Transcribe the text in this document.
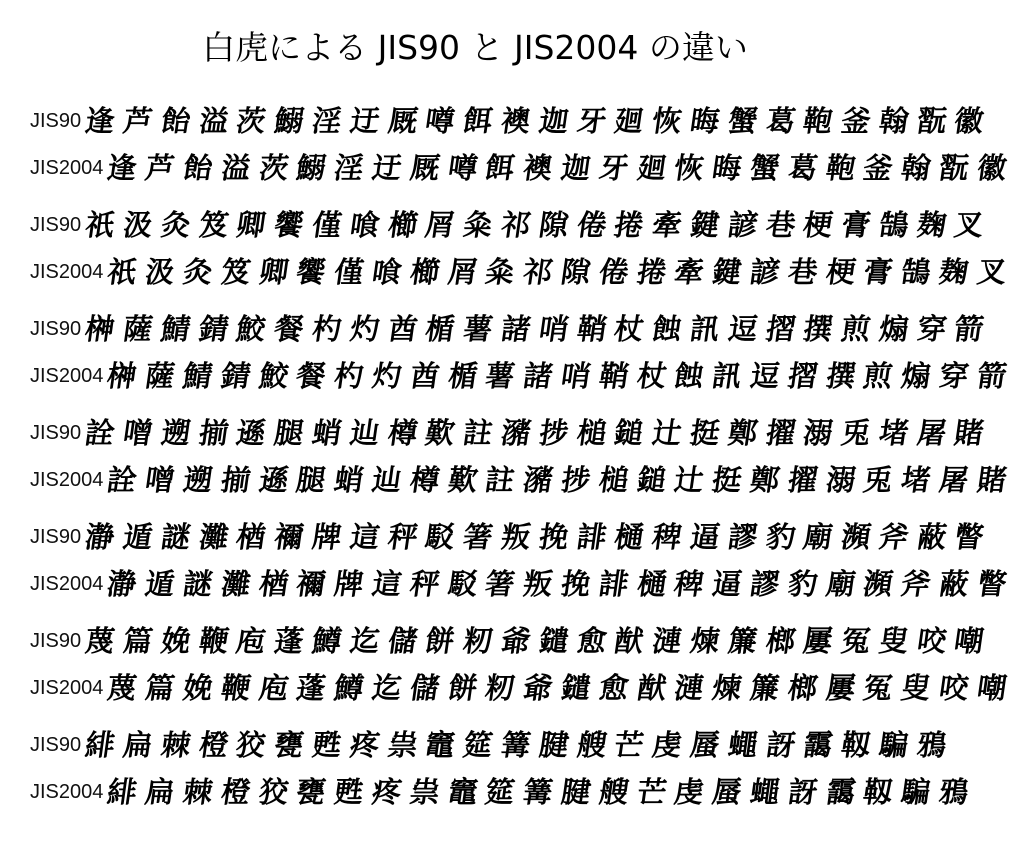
白虎による JIS90 と JIS2004 の違い
JIS90 逢 芦 飴 溢 茨 鰯 淫 迂 厩 噂 餌 襖 迦 牙 廻 恢 晦 蟹 葛 鞄 釜 翰 翫 徽
JIS2004 逢 芦 飴 溢 茨 鰯 淫 迂 厩 噂 餌 襖 迦 牙 廻 恢 晦 蟹 葛 鞄 釜 翰 翫 徽
JIS90 祇 汲 灸 笈 卿 饗 僅 喰 櫛 屑 粂 祁 隙 倦 捲 牽 鍵 諺 巷 梗 膏 鵠 麹 叉
JIS2004 祇 汲 灸 笈 卿 饗 僅 喰 櫛 屑 粂 祁 隙 倦 捲 牽 鍵 諺 巷 梗 膏 鵠 麹 叉
JIS90 榊 薩 鯖 錆 鮫 餐 杓 灼 酋 楯 薯 諸 哨 鞘 杖 蝕 訊 逗 摺 撰 煎 煽 穿 箭
JIS2004 榊 薩 鯖 錆 鮫 餐 杓 灼 酋 楯 薯 諸 哨 鞘 杖 蝕 訊 逗 摺 撰 煎 煽 穿 箭
JIS90 詮 噌 遡 揃 遜 腿 蛸 辿 樽 歎 註 瀦 捗 槌 鎚 辻 挺 鄭 擢 溺 兎 堵 屠 賭
JIS2004 詮 噌 遡 揃 遜 腿 蛸 辿 樽 歎 註 瀦 捗 槌 鎚 辻 挺 鄭 擢 溺 兎 堵 屠 賭
JIS90 瀞 遁 謎 灘 楢 禰 牌 這 秤 駁 箸 叛 挽 誹 樋 稗 逼 謬 豹 廟 瀕 斧 蔽 瞥
JIS2004 瀞 遁 謎 灘 楢 禰 牌 這 秤 駁 箸 叛 挽 誹 樋 稗 逼 謬 豹 廟 瀕 斧 蔽 瞥
JIS90 蔑 篇 娩 鞭 庖 蓬 鱒 迄 儲 餅 籾 爺 鑓 愈 猷 漣 煉 簾 榔 屢 冤 叟 咬 嘲
JIS2004 蔑 篇 娩 鞭 庖 蓬 鱒 迄 儲 餅 籾 爺 鑓 愈 猷 漣 煉 簾 榔 屢 冤 叟 咬 嘲
JIS90 緋 扁 棘 橙 狡 甕 甦 疼 祟 竈 筵 篝 腱 艘 芒 虔 蜃 蠅 訝 靄 靱 騙 鴉
JIS2004 緋 扁 棘 橙 狡 甕 甦 疼 祟 竈 筵 篝 腱 艘 芒 虔 蜃 蠅 訝 靄 靱 騙 鴉
